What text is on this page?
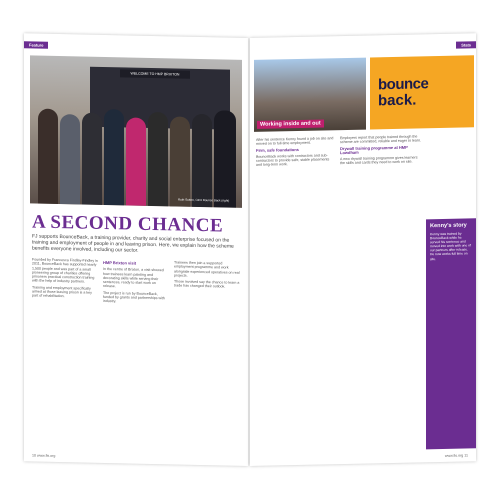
Feature
WELCOME TO HMP BRIXTON
Ruth Sutton, CEO Bounce Back (right)
A SECOND CHANCE
FJ supports BounceBack, a training provider, charity and social enterprise focused on the training and employment of people in and leaving prison. Here, we explain how the scheme benefits everyone involved, including our sector.

Founded by Francesca Findlay-Findley in 2011, BounceBack has supported nearly 1,500 people and was part of a small pioneering group of charities offering prisoners practical construction training with the help of industry partners.

Training and employment specifically aimed at those leaving prison is a key part of rehabilitation.

HMP Brixton visit

In the centre of Brixton, a visit showed how trainees learn painting and decorating skills while serving their sentences, ready to start work on release.

The project is run by BounceBack, funded by grants and partnerships with industry.

Trainees then join a supported employment programme and work alongside experienced operatives on real projects.

Those involved say the chance to learn a trade has changed their outlook.

10 www.fis.org
Stats
Working inside and out
bounce
back.

After his sentence Kenny found a job on site and moved on to full-time employment.

Firm, safe foundations

BounceBack works with contractors and sub-contractors to provide safe, stable placements and long-term work.

Employers report that people trained through the scheme are committed, reliable and eager to learn.

Drywall training programme at HMP Lowdham

A new drywall training programme gives learners the skills and cards they need to work on site.

Kenny's story

Kenny was trained by BounceBack while he served his sentence and moved into work with one of our partners after release. He now works full time on site.

www.fis.org 11
